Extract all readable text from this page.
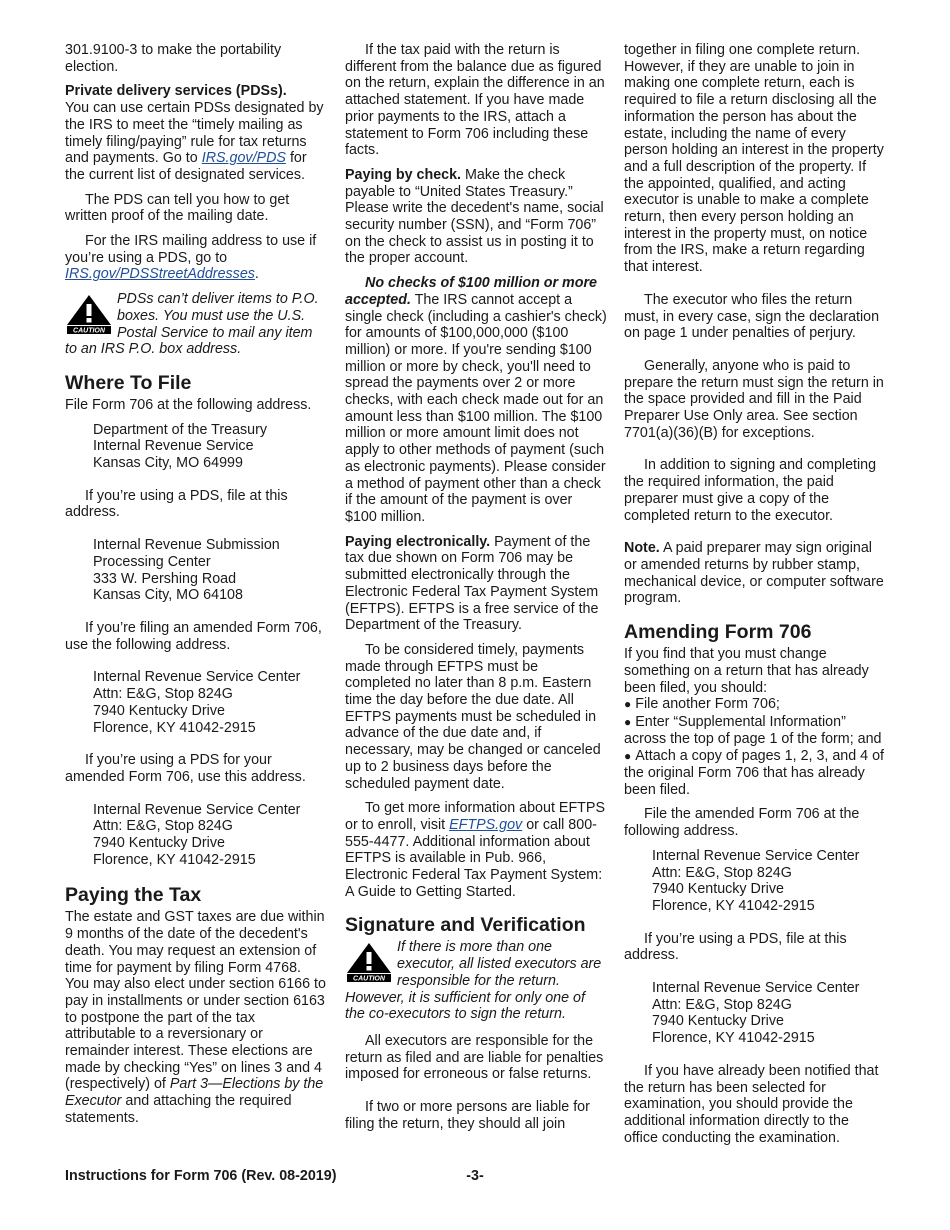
301.9100-3 to make the portability election.

Private delivery services (PDSs).
You can use certain PDSs designated by the IRS to meet the “timely mailing as timely filing/paying” rule for tax returns and payments. Go to IRS.gov/PDS for the current list of designated services.

The PDS can tell you how to get written proof of the mailing date.

For the IRS mailing address to use if you’re using a PDS, go to IRS.gov/PDSStreetAddresses.

CAUTION
PDSs can’t deliver items to P.O. boxes. You must use the U.S. Postal Service to mail any item to an IRS P.O. box address.
Where To File

File Form 706 at the following address.

Department of the Treasury
Internal Revenue Service
Kansas City, MO 64999

If you’re using a PDS, file at this address.

Internal Revenue Submission
Processing Center
333 W. Pershing Road
Kansas City, MO 64108

If you’re filing an amended Form 706, use the following address.

Internal Revenue Service Center
Attn: E&G, Stop 824G
7940 Kentucky Drive
Florence, KY 41042-2915

If you’re using a PDS for your amended Form 706, use this address.

Internal Revenue Service Center
Attn: E&G, Stop 824G
7940 Kentucky Drive
Florence, KY 41042-2915
Paying the Tax

The estate and GST taxes are due within 9 months of the date of the decedent's death. You may request an extension of time for payment by filing Form 4768. You may also elect under section 6166 to pay in installments or under section 6163 to postpone the part of the tax attributable to a reversionary or remainder interest. These elections are made by checking “Yes” on lines 3 and 4 (respectively) of Part 3—Elections by the Executor and attaching the required statements.

If the tax paid with the return is different from the balance due as figured on the return, explain the difference in an attached statement. If you have made prior payments to the IRS, attach a statement to Form 706 including these facts.

Paying by check. Make the check payable to “United States Treasury.” Please write the decedent's name, social security number (SSN), and “Form 706” on the check to assist us in posting it to the proper account.

No checks of $100 million or more accepted. The IRS cannot accept a single check (including a cashier's check) for amounts of $100,000,000 ($100 million) or more. If you're sending $100 million or more by check, you'll need to spread the payments over 2 or more checks, with each check made out for an amount less than $100 million. The $100 million or more amount limit does not apply to other methods of payment (such as electronic payments). Please consider a method of payment other than a check if the amount of the payment is over $100 million.

Paying electronically. Payment of the tax due shown on Form 706 may be submitted electronically through the Electronic Federal Tax Payment System (EFTPS). EFTPS is a free service of the Department of the Treasury.

To be considered timely, payments made through EFTPS must be completed no later than 8 p.m. Eastern time the day before the due date. All EFTPS payments must be scheduled in advance of the due date and, if necessary, may be changed or canceled up to 2 business days before the scheduled payment date.

To get more information about EFTPS or to enroll, visit EFTPS.gov or call 800-555-4477. Additional information about EFTPS is available in Pub. 966, Electronic Federal Tax Payment System: A Guide to Getting Started.

Signature and Verification
CAUTION
If there is more than one executor, all listed executors are responsible for the return. However, it is sufficient for only one of the co-executors to sign the return.

All executors are responsible for the return as filed and are liable for penalties imposed for erroneous or false returns.

If two or more persons are liable for filing the return, they should all join

together in filing one complete return. However, if they are unable to join in making one complete return, each is required to file a return disclosing all the information the person has about the estate, including the name of every person holding an interest in the property and a full description of the property. If the appointed, qualified, and acting executor is unable to make a complete return, then every person holding an interest in the property must, on notice from the IRS, make a return regarding that interest.

The executor who files the return must, in every case, sign the declaration on page 1 under penalties of perjury.

Generally, anyone who is paid to prepare the return must sign the return in the space provided and fill in the Paid Preparer Use Only area. See section 7701(a)(36)(B) for exceptions.

In addition to signing and completing the required information, the paid preparer must give a copy of the completed return to the executor.

Note. A paid preparer may sign original or amended returns by rubber stamp, mechanical device, or computer software program.

Amending Form 706

If you find that you must change something on a return that has already been filed, you should:

● File another Form 706;
● Enter “Supplemental Information” across the top of page 1 of the form; and
● Attach a copy of pages 1, 2, 3, and 4 of the original Form 706 that has already been filed.

File the amended Form 706 at the following address.

Internal Revenue Service Center
Attn: E&G, Stop 824G
7940 Kentucky Drive
Florence, KY 41042-2915

If you’re using a PDS, file at this address.

Internal Revenue Service Center
Attn: E&G, Stop 824G
7940 Kentucky Drive
Florence, KY 41042-2915

If you have already been notified that the return has been selected for examination, you should provide the additional information directly to the office conducting the examination.

-3-
Instructions for Form 706 (Rev. 08-2019)
